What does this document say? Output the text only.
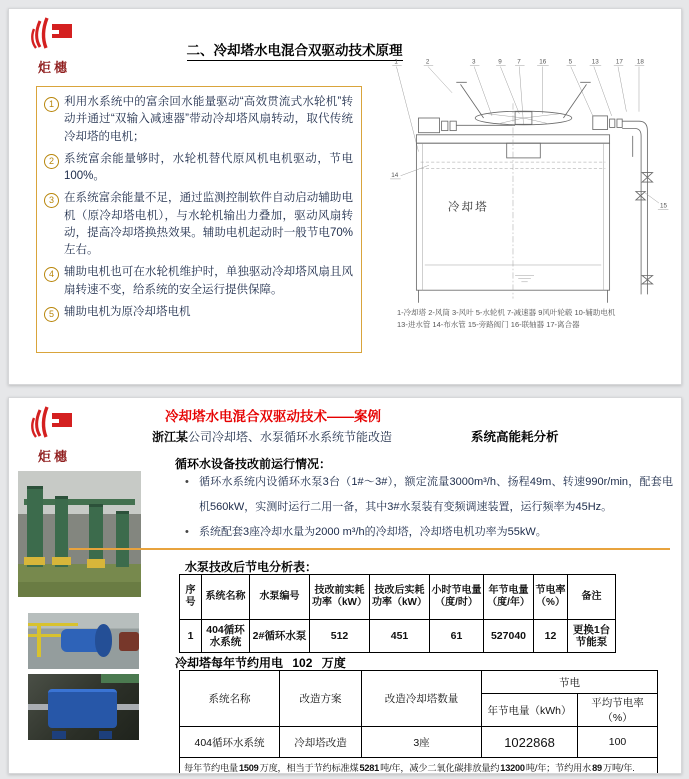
炬橞
二、冷却塔水电混合双驱动技术原理
1 利用水系统中的富余回水能量驱动“高效贯流式水轮机”转动并通过“双输入减速器”带动冷却塔风扇转动，取代传统冷却塔的电机；
2 系统富余能量够时，水轮机替代原风机电机驱动，节电100%。
3 在系统富余能量不足，通过监测控制软件自动启动辅助电机（原冷却塔电机），与水轮机输出力叠加，驱动风扇转动，提高冷却塔换热效果。辅助电机起动时一般节电70%左右。
4 辅助电机也可在水轮机维护时，单独驱动冷却塔风扇且风扇转速不变，给系统的安全运行提供保障。
5 辅助电机为原冷却塔电机
1	2	3	9	7	16	5	13	17 18
14
15
冷却塔
1-冷却塔 2-风筒 3-风叶 5-水轮机 7-减速器 9风叶轮毂 10-辅助电机
13-进水管 14-布水管 15-旁路阀门 16-联轴器 17-离合器
炬橞
冷却塔水电混合双驱动技术——案例
浙江某公司冷却塔、水泵循环水系统节能改造	系统高能耗分析
循环水设备技改前运行情况：
• 循环水系统内设循环水泵3台（1#～3#），额定流量3000m³/h、扬程49m、转速990r/min，配套电机560kW，实测时运行二用一备，其中3#水泵装有变频调速装置，运行频率为45Hz。
• 系统配套3座冷却水量为2000 m³/h的冷却塔，冷却塔电机功率为55kW。
水泵技改后节电分析表：
序号	系统名称	水泵编号	技改前实耗功率（kW）	技改后实耗功率（kW）	小时节电量（度/时）	年节电量（度/年）	节电率（%）	备注
1	404循环水系统	2#循环水泵	512	451	61	527040	12	更换1台节能泵
冷却塔每年节约用电 102 万度
系统名称	改造方案	改造冷却塔数量	节电	
			年节电量（kWh）	平均节电率（%）
404循环水系统	冷却塔改造	3座	1022868	100
每年节约电量1509万度，相当于节约标准煤5281吨/年，减少二氧化碳排放量约13200吨/年；节约用水89万吨/年.				
